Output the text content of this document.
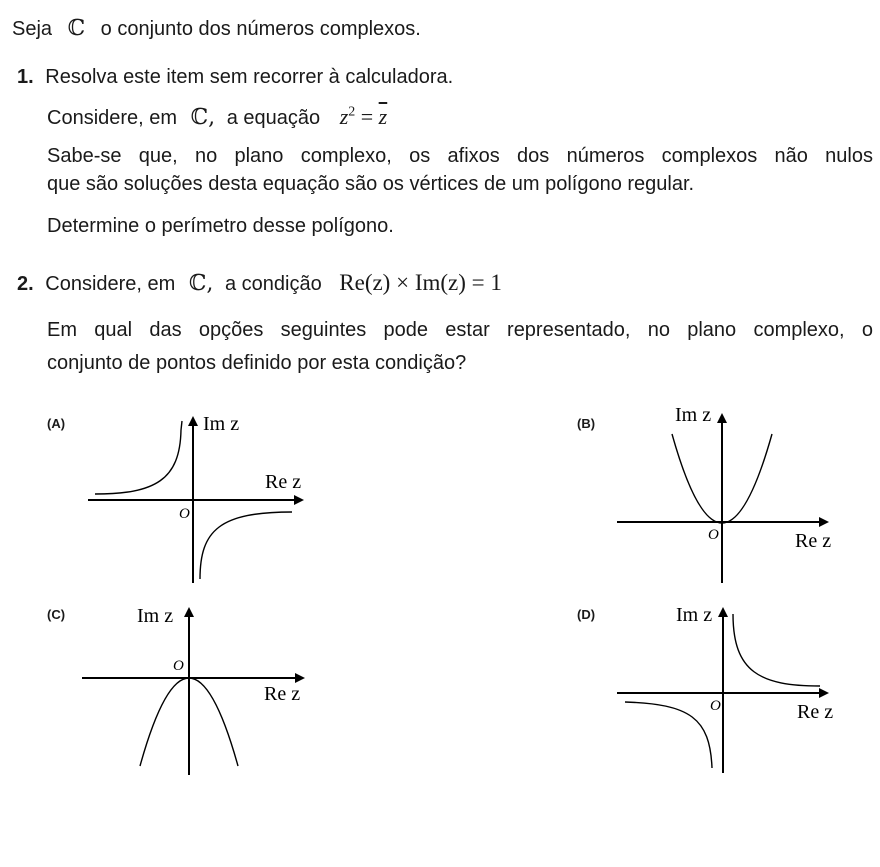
Seja ℂ o conjunto dos números complexos.
1. Resolva este item sem recorrer à calculadora.
Considere, em ℂ, a equação $z^2 = \overline{z}$
Sabe-se que, no plano complexo, os afixos dos números complexos não nulos
que são soluções desta equação são os vértices de um polígono regular.
Determine o perímetro desse polígono.
2. Considere, em ℂ, a condição Re(z) × Im(z) = 1
Em qual das opções seguintes pode estar representado, no plano complexo, o
conjunto de pontos definido por esta condição?
(A)	(B)
(C)	(D)
Im z
Re z
O
Im z
Re z
O
Im z
Re z
O
Im z
Re z
O
